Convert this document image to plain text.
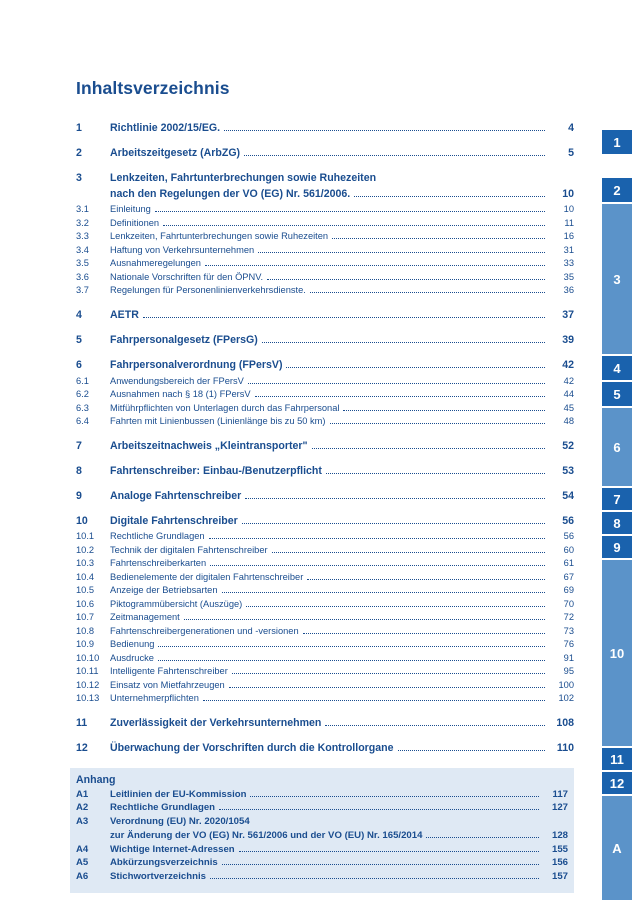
Inhaltsverzeichnis
1	Richtlinie 2002/15/EG.	4
2	Arbeitszeitgesetz (ArbZG)	5
3	Lenkzeiten, Fahrtunterbrechungen sowie Ruhezeiten
nach den Regelungen der VO (EG) Nr. 561/2006.	10
3.1	Einleitung	10
3.2	Definitionen	11
3.3	Lenkzeiten, Fahrtunterbrechungen sowie Ruhezeiten	16
3.4	Haftung von Verkehrsunternehmen	31
3.5	Ausnahmeregelungen	33
3.6	Nationale Vorschriften für den ÖPNV.	35
3.7	Regelungen für Personenlinienverkehrsdienste.	36
4	AETR	37
5	Fahrpersonalgesetz (FPersG)	39
6	Fahrpersonalverordnung (FPersV)	42
6.1	Anwendungsbereich der FPersV	42
6.2	Ausnahmen nach § 18 (1) FPersV	44
6.3	Mitführpflichten von Unterlagen durch das Fahrpersonal	45
6.4	Fahrten mit Linienbussen (Linienlänge bis zu 50 km)	48
7	Arbeitszeitnachweis „Kleintransporter"	52
8	Fahrtenschreiber: Einbau-/Benutzerpflicht	53
9	Analoge Fahrtenschreiber	54
10	Digitale Fahrtenschreiber	56
10.1	Rechtliche Grundlagen	56
10.2	Technik der digitalen Fahrtenschreiber	60
10.3	Fahrtenschreiberkarten	61
10.4	Bedienelemente der digitalen Fahrtenschreiber	67
10.5	Anzeige der Betriebsarten	69
10.6	Piktogrammübersicht (Auszüge)	70
10.7	Zeitmanagement	72
10.8	Fahrtenschreibergenerationen und -versionen	73
10.9	Bedienung	76
10.10	Ausdrucke	91
10.11	Intelligente Fahrtenschreiber	95
10.12	Einsatz von Mietfahrzeugen	100
10.13	Unternehmerpflichten	102
11	Zuverlässigkeit der Verkehrsunternehmen	108
12	Überwachung der Vorschriften durch die Kontrollorgane	110
Anhang
A1	Leitlinien der EU-Kommission	117
A2	Rechtliche Grundlagen	127
A3	Verordnung (EU) Nr. 2020/1054
zur Änderung der VO (EG) Nr. 561/2006 und der VO (EU) Nr. 165/2014	128
A4	Wichtige Internet-Adressen	155
A5	Abkürzungsverzeichnis	156
A6	Stichwortverzeichnis	157
1
2
3
4
5
6
7
8
9
10
11
12
A
